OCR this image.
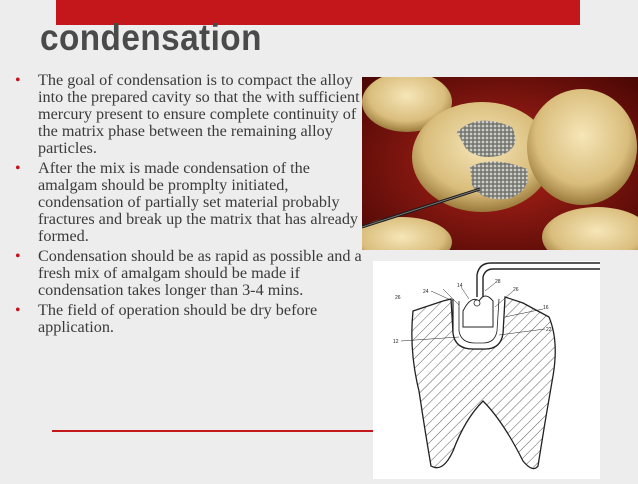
condensation
• The goal of condensation is to compact the alloy into the prepared cavity so that the with sufficient mercury present to ensure complete continuity of the matrix phase between the remaining alloy particles.
• After the mix is made condensation of the amalgam should be promplty initiated, condensation of partially set material probably fractures and break up the matrix that has already formed.
• Condensation should be as rapid as possible and a fresh mix of amalgam should be made if condensation takes longer than 3-4 mins.
• The field of operation should be dry before application.
28
24
14
26
26
16
22
12
